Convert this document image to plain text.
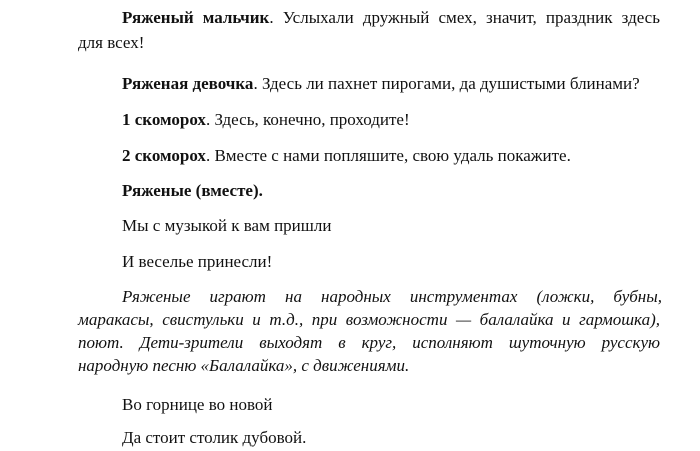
Ряженый мальчик. Услыхали дружный смех, значит, праздник здесь
для всех!
Ряженая девочка. Здесь ли пахнет пирогами, да душистыми блинами?
1 скоморох. Здесь, конечно, проходите!
2 скоморох. Вместе с нами попляшите, свою удаль покажите.
Ряженые (вместе).
Мы с музыкой к вам пришли
И веселье принесли!
Ряженые играют на народных инструментах (ложки, бубны,
маракасы, свистульки и т.д., при возможности — балалайка и гармошка),
поют. Дети-зрители выходят в круг, исполняют шуточную русскую
народную песню «Балалайка», с движениями.
Во горнице во новой
Да стоит столик дубовой.
